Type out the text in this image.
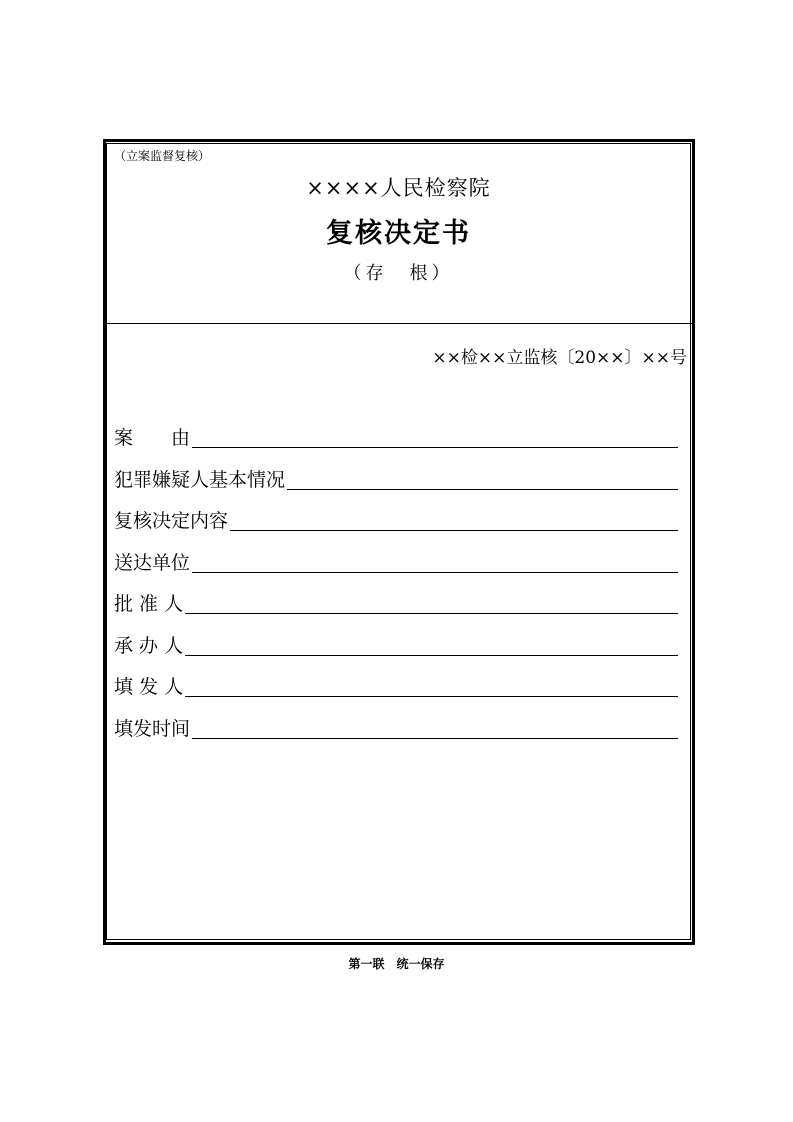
（立案监督复核）
××××人民检察院
复核决定书
（存　根）
××检××立监核〔20××〕××号
案　　由
犯罪嫌疑人基本情况
复核决定内容
送达单位
批 准 人
承 办 人
填 发 人
填发时间
第一联　统一保存
